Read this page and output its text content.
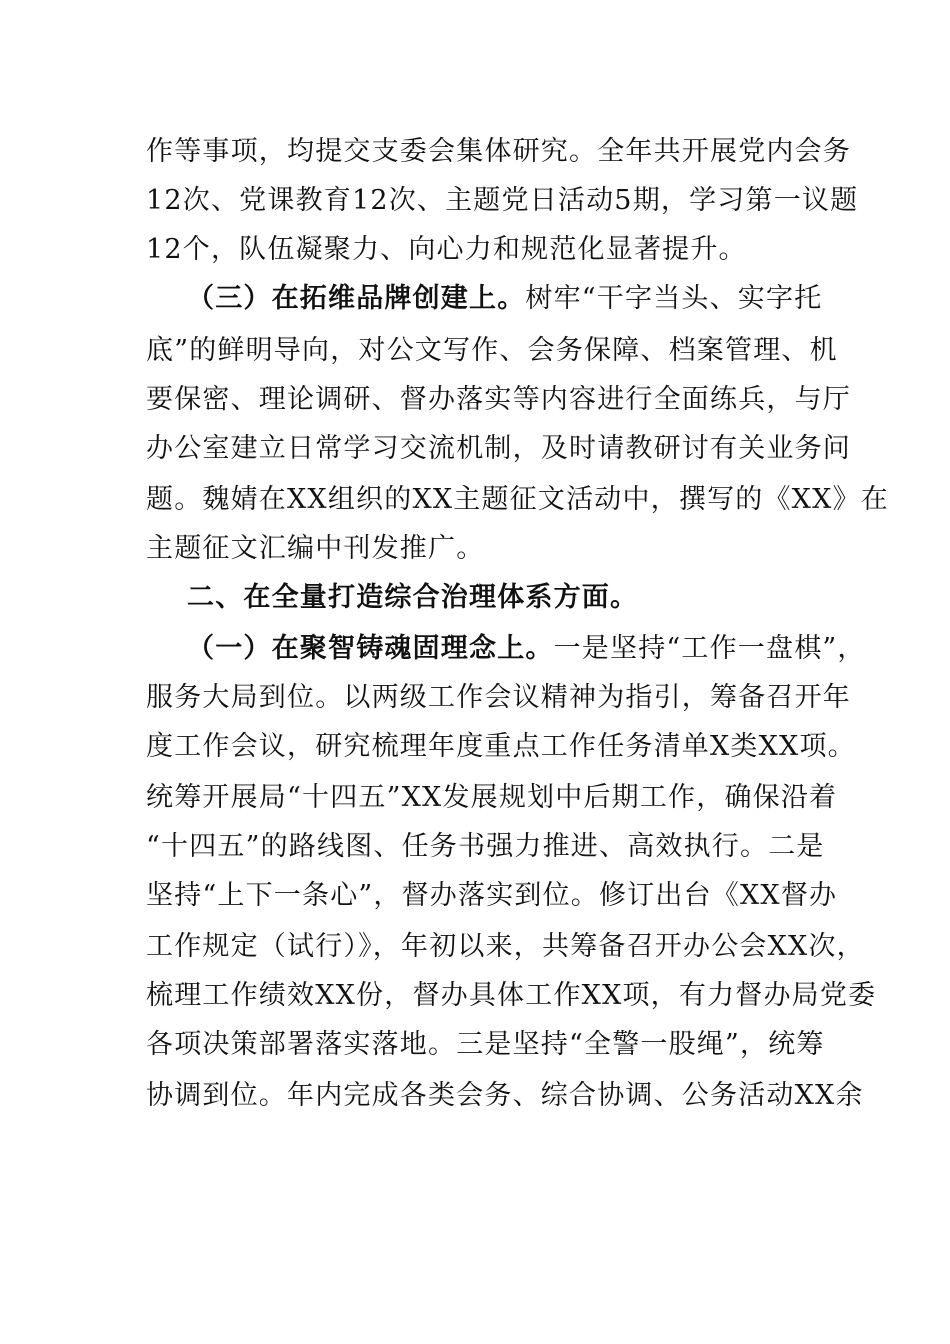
作等事项，均提交支委会集体研究。全年共开展党内会务
12次、党课教育12次、主题党日活动5期，学习第一议题
12个，队伍凝聚力、向心力和规范化显著提升。
（三）在拓维品牌创建上。树牢“干字当头、实字托
底”的鲜明导向，对公文写作、会务保障、档案管理、机
要保密、理论调研、督办落实等内容进行全面练兵，与厅
办公室建立日常学习交流机制，及时请教研讨有关业务问
题。魏婧在XX组织的XX主题征文活动中，撰写的《XX》在
主题征文汇编中刊发推广。
二、在全量打造综合治理体系方面。
（一）在聚智铸魂固理念上。一是坚持“工作一盘棋”，
服务大局到位。以两级工作会议精神为指引，筹备召开年
度工作会议，研究梳理年度重点工作任务清单X类XX项。
统筹开展局“十四五”XX发展规划中后期工作，确保沿着
“十四五”的路线图、任务书强力推进、高效执行。二是
坚持“上下一条心”，督办落实到位。修订出台《XX督办
工作规定（试行）》，年初以来，共筹备召开办公会XX次，
梳理工作绩效XX份，督办具体工作XX项，有力督办局党委
各项决策部署落实落地。三是坚持“全警一股绳”，统筹
协调到位。年内完成各类会务、综合协调、公务活动XX余
